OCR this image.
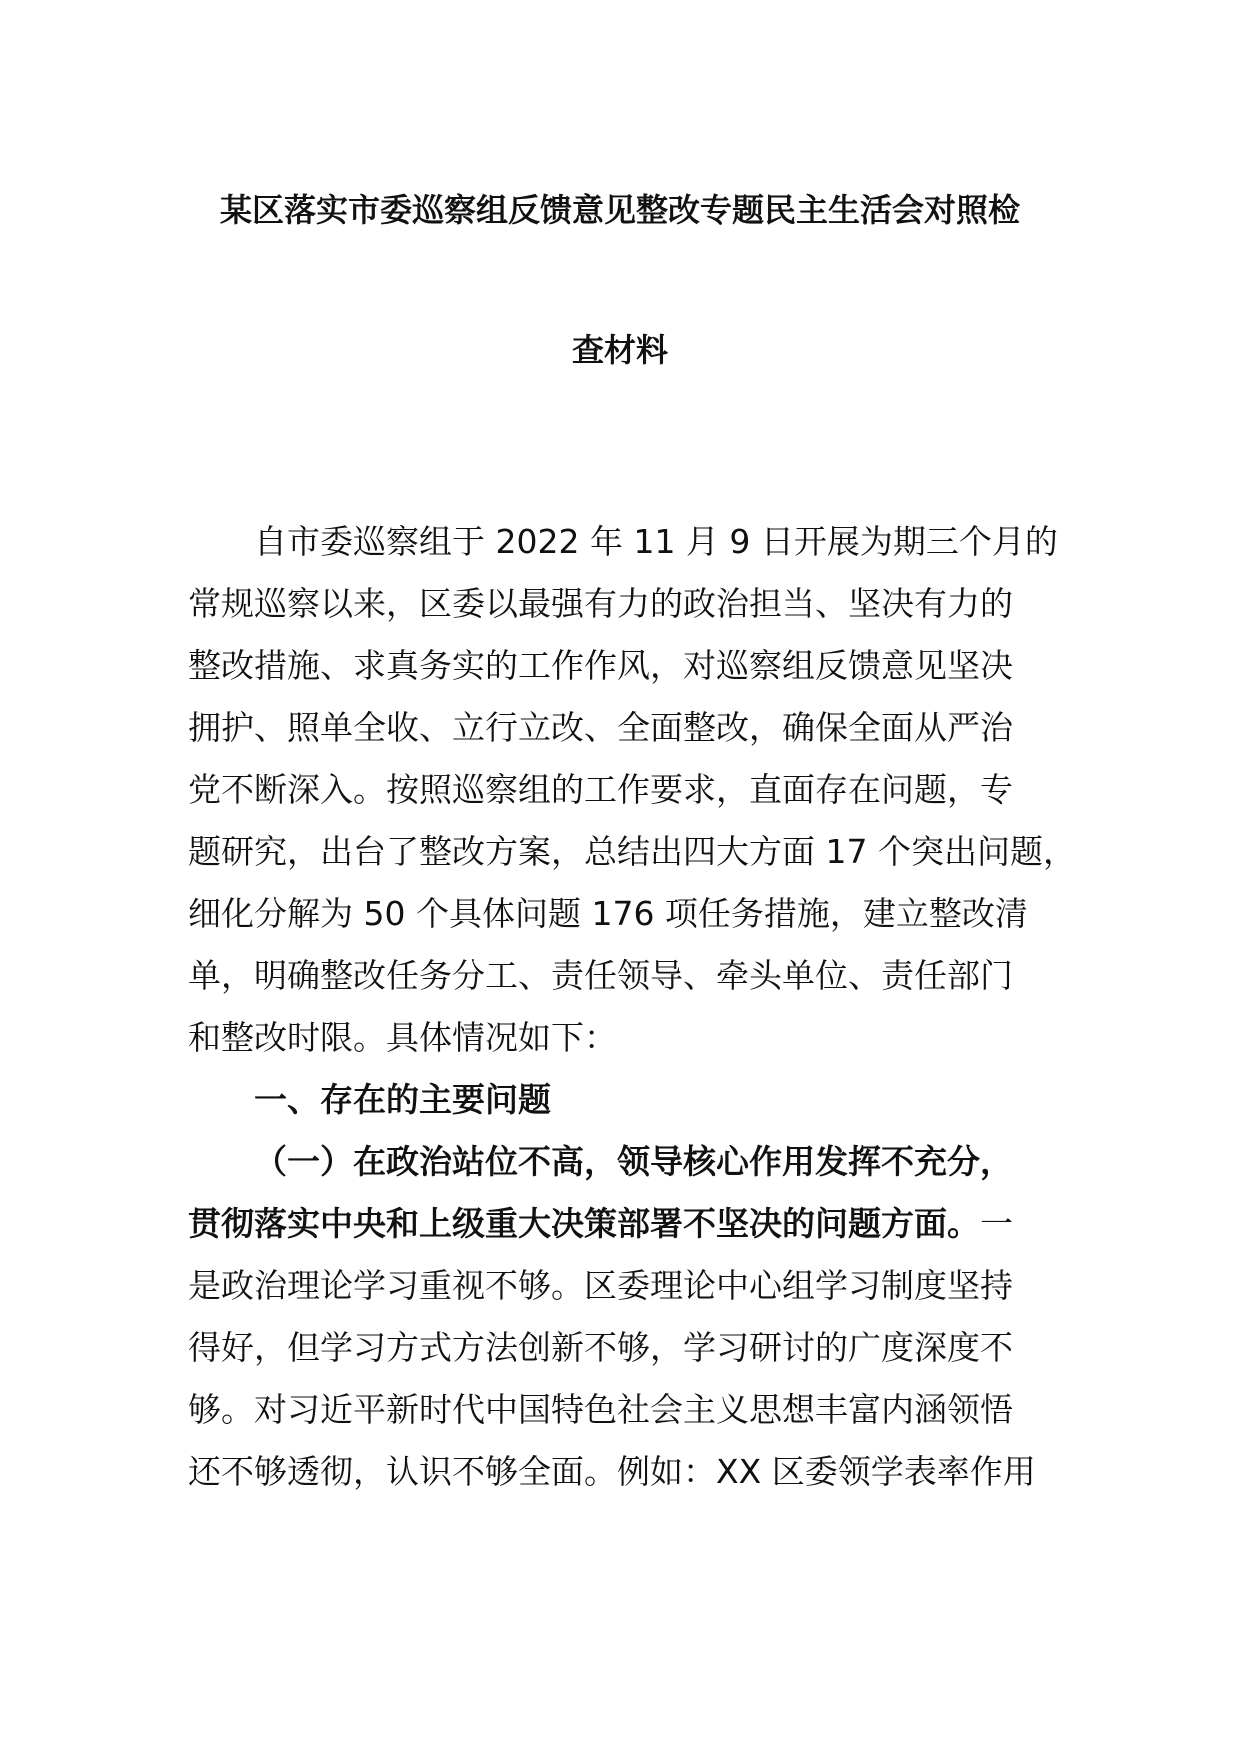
某区落实市委巡察组反馈意见整改专题民主生活会对照检
查材料
自市委巡察组于 2022 年 11 月 9 日开展为期三个月的
常规巡察以来，区委以最强有力的政治担当、坚决有力的
整改措施、求真务实的工作作风，对巡察组反馈意见坚决
拥护、照单全收、立行立改、全面整改，确保全面从严治
党不断深入。按照巡察组的工作要求，直面存在问题，专
题研究，出台了整改方案，总结出四大方面 17 个突出问题，
细化分解为 50 个具体问题 176 项任务措施，建立整改清
单，明确整改任务分工、责任领导、牵头单位、责任部门
和整改时限。具体情况如下：
一、存在的主要问题
（一）在政治站位不高，领导核心作用发挥不充分，
贯彻落实中央和上级重大决策部署不坚决的问题方面。一
是政治理论学习重视不够。区委理论中心组学习制度坚持
得好，但学习方式方法创新不够，学习研讨的广度深度不
够。对习近平新时代中国特色社会主义思想丰富内涵领悟
还不够透彻，认识不够全面。例如：XX 区委领学表率作用
